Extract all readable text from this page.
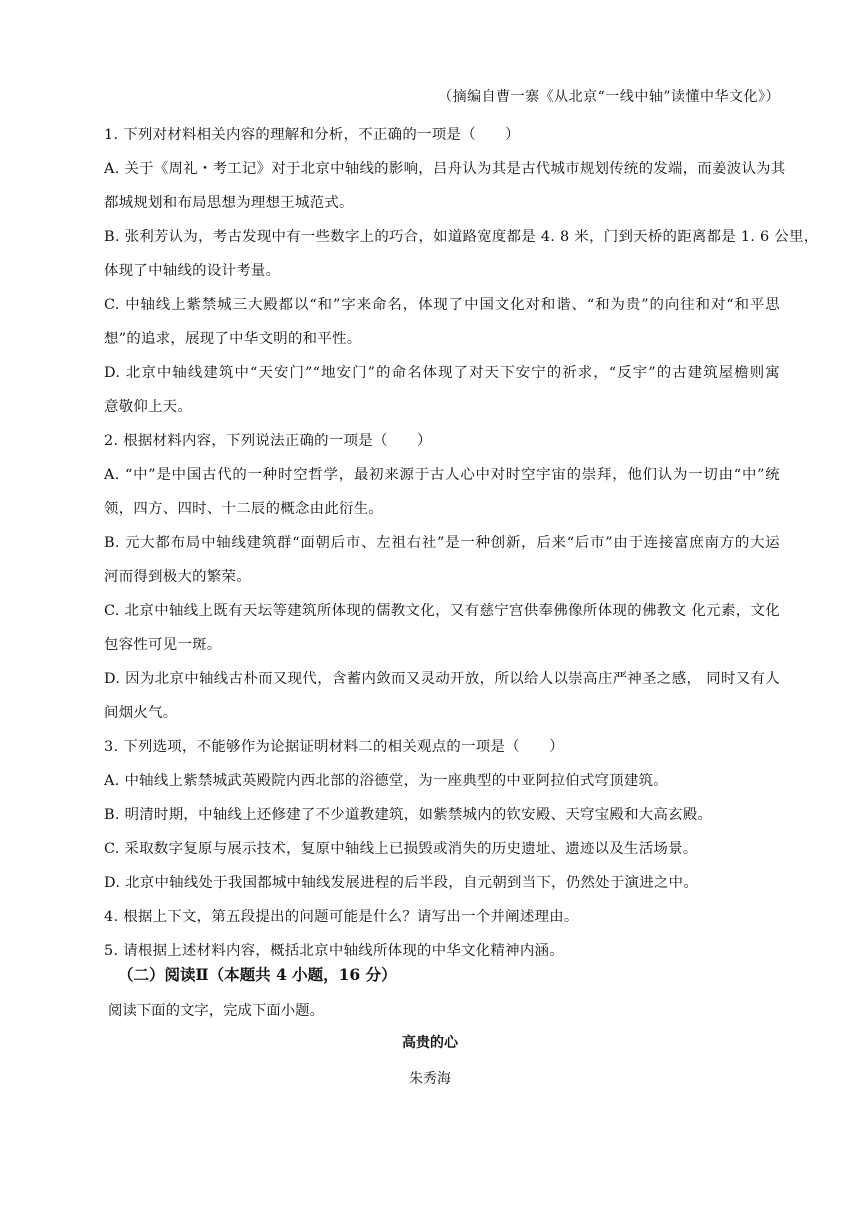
（摘编自曹一寨《从北京“一线中轴”读懂中华文化》）
1. 下列对材料相关内容的理解和分析，不正确的一项是（　　）
A. 关于《周礼・考工记》对于北京中轴线的影响，吕舟认为其是古代城市规划传统的发端，而姜波认为其
都城规划和布局思想为理想王城范式。
B. 张利芳认为，考古发现中有一些数字上的巧合，如道路宽度都是 4. 8 米，门到天桥的距离都是 1. 6 公里，
体现了中轴线的设计考量。
C. 中轴线上紫禁城三大殿都以“和”字来命名，体现了中国文化对和谐、“和为贵”的向往和对“和平思
想”的追求，展现了中华文明的和平性。
D. 北京中轴线建筑中“天安门”“地安门”的命名体现了对天下安宁的祈求，“反宇”的古建筑屋檐则寓
意敬仰上天。
2. 根据材料内容，下列说法正确的一项是（　　）
A. “中”是中国古代的一种时空哲学，最初来源于古人心中对时空宇宙的崇拜，他们认为一切由“中”统
领，四方、四时、十二辰的概念由此衍生。
B. 元大都布局中轴线建筑群“面朝后市、左祖右社”是一种创新，后来“后市”由于连接富庶南方的大运
河而得到极大的繁荣。
C. 北京中轴线上既有天坛等建筑所体现的儒教文化，又有慈宁宫供奉佛像所体现的佛教文 化元素，文化
包容性可见一斑。
D. 因为北京中轴线古朴而又现代，含蓄内敛而又灵动开放，所以给人以崇高庄严神圣之感， 同时又有人
间烟火气。
3. 下列选项，不能够作为论据证明材料二的相关观点的一项是（　　）
A. 中轴线上紫禁城武英殿院内西北部的浴德堂，为一座典型的中亚阿拉伯式穹顶建筑。
B. 明清时期，中轴线上还修建了不少道教建筑，如紫禁城内的钦安殿、天穹宝殿和大高玄殿。
C. 采取数字复原与展示技术，复原中轴线上已损毁或消失的历史遗址、遗迹以及生活场景。
D. 北京中轴线处于我国都城中轴线发展进程的后半段，自元朝到当下，仍然处于演进之中。
4. 根据上下文，第五段提出的问题可能是什么？请写出一个并阐述理由。
5. 请根据上述材料内容，概括北京中轴线所体现的中华文化精神内涵。
（二）阅读Ⅱ（本题共 4 小题，16 分）
阅读下面的文字，完成下面小题。
高贵的心
朱秀海
